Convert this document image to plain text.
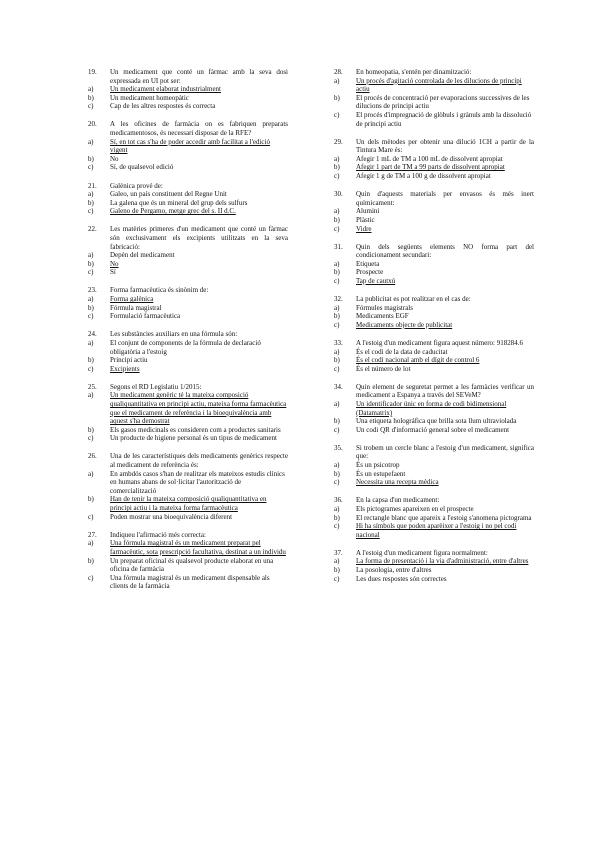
19.	Un medicament que conté un fàrmac amb la seva dosi expressada en UI pot ser:
a)	Un medicament elaborat industrialment
b)	Un medicament homeopàtic
c)	Cap de les altres respostes és correcta
20.	A les oficines de farmàcia on es fabriquen preparats medicamentosos, és necessari disposar de la RFE?
a)	Sí, en tot cas s'ha de poder accedir amb facilitat a l'edició vigent
b)	No
c)	Sí, de qualsevol edició
21.	Galènica prové de:
a)	Galeo, un país constituent del Regne Unit
b)	La galena que és un mineral del grup dels sulfurs
c)	Galeno de Pergamo, metge grec del s. II d.C.
22.	Les matèries primeres d'un medicament que conté un fàrmac són exclusivament els excipients utilitzats en la seva fabricació:
a)	Depèn del medicament
b)	No
c)	Sí
23.	Forma farmacèutica és sinònim de:
a)	Forma galènica
b)	Fórmula magistral
c)	Formulació farmacèutica
24.	Les substàncies auxiliars en una fórmula són:
a)	El conjunt de components de la fórmula de declaració obligatòria a l'estoig
b)	Principi actiu
c)	Excipients
25.	Segons el RD Legislatiu 1/2015:
a)	Un medicament genèric té la mateixa composició qualiquantitativa en principi actiu, mateixa forma farmacèutica que el medicament de referència i la bioequivalència amb aquest s'ha demostrat
b)	Els gasos medicinals es consideren com a productes sanitaris
c)	Un producte de higiene personal és un tipus de medicament
26.	Una de les característiques dels medicaments genèrics respecte al medicament de referència és:
a)	En ambdós casos s'han de realitzar els mateixos estudis clínics en humans abans de sol·licitar l'autorització de comercialització
b)	Han de tenir la mateixa composició qualiquantitativa en principi actiu i la mateixa forma farmacèutica
c)	Poden mostrar una bioequivalència diferent
27.	Indiqueu l'afirmació més correcta:
a)	Una fórmula magistral és un medicament preparat pel farmacèutic, sota prescripció facultativa, destinat a un individu
b)	Un preparat oficinal és qualsevol producte elaborat en una oficina de farmàcia
c)	Una fórmula magistral és un medicament dispensable als clients de la farmàcia
28.	En homeopatia, s'entén per dinamització:
a)	Un procés d'agitació controlada de les dilucions de principi actiu
b)	El procés de concentració per evaporacions successives de les dilucions de principi actiu
c)	El procés d'impregnació de glòbuls i grànuls amb la dissolució de principi actiu
29.	Un dels mètodes per obtenir una dilució 1CH a partir de la Tintura Mare és:
a)	Afegir 1 mL de TM a 100 mL de dissolvent apropiat
b)	Afegir 1 part de TM a 99 parts de dissolvent apropiat
c)	Afegir 1 g de TM a 100 g de dissolvent apropiat
30.	Quin d'aquests materials per envasos és més inert químicament:
a)	Alumini
b)	Plàstic
c)	Vidre
31.	Quin dels següents elements NO forma part del condicionament secundari:
a)	Etiqueta
b)	Prospecte
c)	Tap de cautxú
32.	La publicitat es pot realitzar en el cas de:
a)	Fórmules magistrals
b)	Medicaments EGF
c)	Medicaments objecte de publicitat
33.	A l'estoig d'un medicament figura aquest número: 918284.6
a)	És el codi de la data de caducitat
b)	És el codi nacional amb el dígit de control 6
c)	És el número de lot
34.	Quin element de seguretat permet a les farmàcies verificar un medicament a Espanya a través del SEVeM?
a)	Un identificador únic en forma de codi bidimensional (Datamatrix)
b)	Una etiqueta holográfica que brilla sota llum ultraviolada
c)	Un codi QR d'informació general sobre el medicament
35.	Si trobem un cercle blanc a l'estoig d'un medicament, significa que:
a)	És un psicotrop
b)	És un estupefaent
c)	Necessita una recepta mèdica
36.	En la capsa d'un medicament:
a)	Els pictogrames apareixen en el prospecte
b)	El rectangle blanc que apareix a l'estoig s'anomena pictograma
c)	Hi ha símbols que poden aparèixer a l'estoig i no pel codi nacional
37.	A l'estoig d'un medicament figura normalment:
a)	La forma de presentació i la via d'administració, entre d'altres
b)	La posologia, entre d'altres
c)	Les dues respostes són correctes
